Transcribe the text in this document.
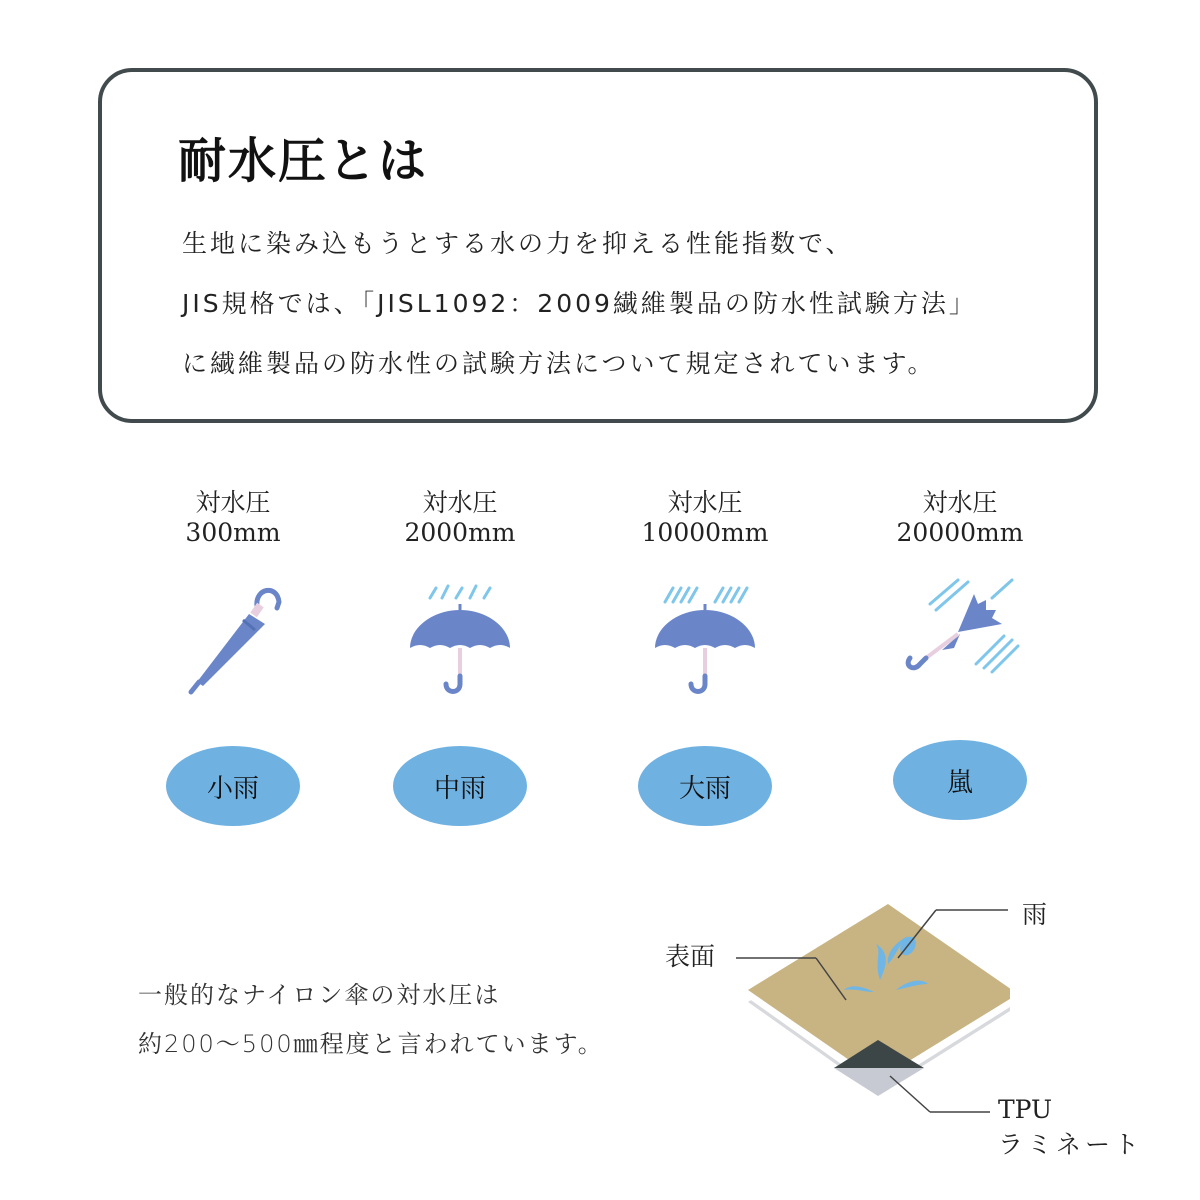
耐水圧とは

生地に染み込もうとする水の力を抑える性能指数で、

JIS規格では、「JISL1092：2009繊維製品の防水性試験方法」

に繊維製品の防水性の試験方法について規定されています。

対水圧
300mm
小雨
対水圧
2000mm
中雨
対水圧
10000mm
大雨
対水圧
20000mm
嵐

一般的なナイロン傘の対水圧は

約200～500㎜程度と言われています。

雨
表面
TPU
ラミネート
